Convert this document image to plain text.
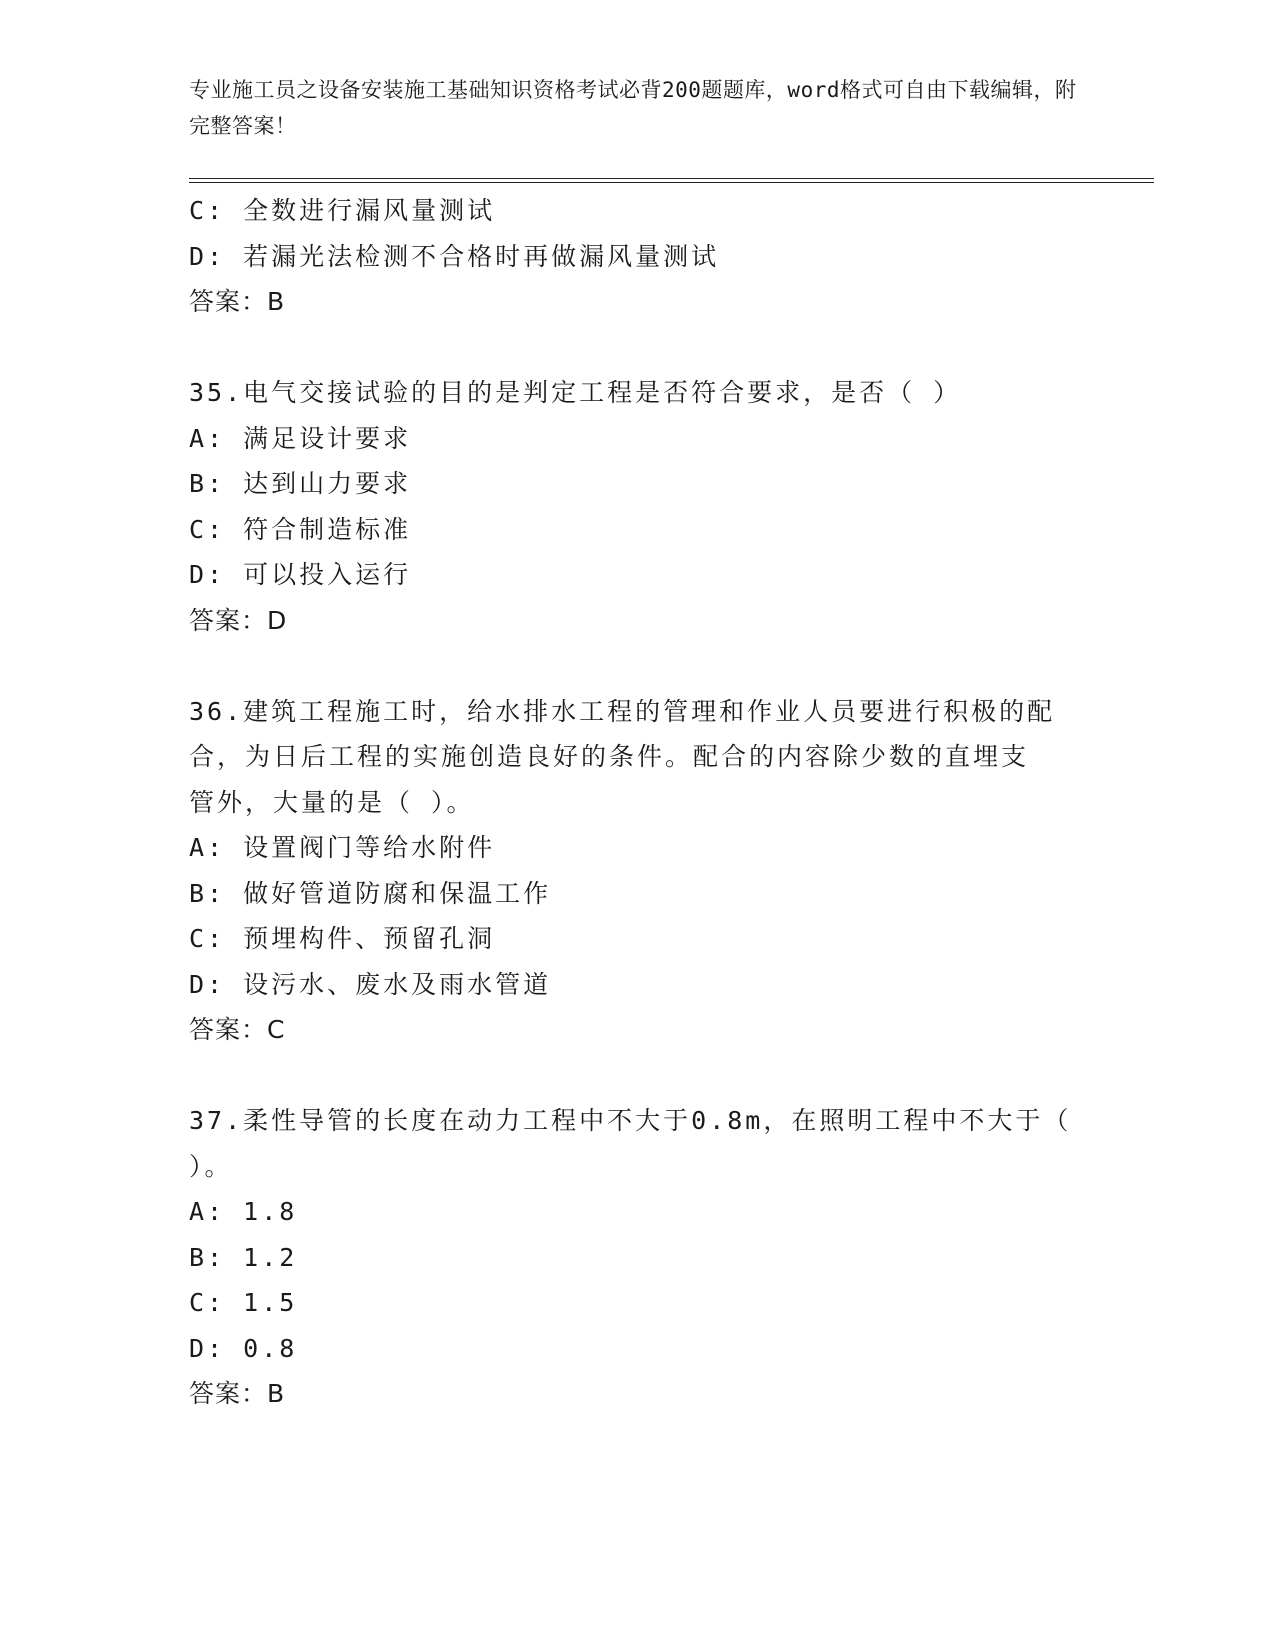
专业施工员之设备安装施工基础知识资格考试必背200题题库，word格式可自由下载编辑，附完整答案！
C: 全数进行漏风量测试
D: 若漏光法检测不合格时再做漏风量测试
答案：B
35.电气交接试验的目的是判定工程是否符合要求，是否（ ）
A: 满足设计要求
B: 达到山力要求
C: 符合制造标准
D: 可以投入运行
答案：D
36.建筑工程施工时，给水排水工程的管理和作业人员要进行积极的配
合，为日后工程的实施创造良好的条件。配合的内容除少数的直埋支
管外，大量的是（ ）。
A: 设置阀门等给水附件
B: 做好管道防腐和保温工作
C: 预埋构件、预留孔洞
D: 设污水、废水及雨水管道
答案：C
37.柔性导管的长度在动力工程中不大于0.8m，在照明工程中不大于（
）。
A: 1.8
B: 1.2
C: 1.5
D: 0.8
答案：B
